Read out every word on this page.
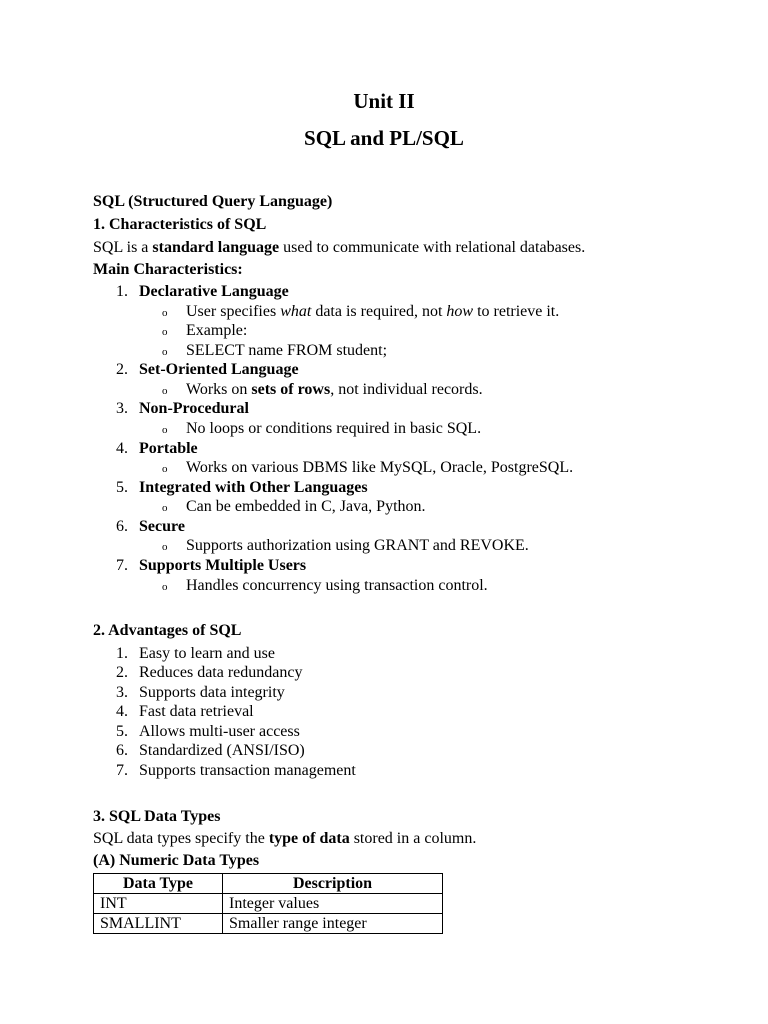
Unit II
SQL and PL/SQL
SQL (Structured Query Language)
1. Characteristics of SQL
SQL is a standard language used to communicate with relational databases.
Main Characteristics:
1. Declarative Language
o User specifies what data is required, not how to retrieve it.
o Example:
o SELECT name FROM student;
2. Set-Oriented Language
o Works on sets of rows, not individual records.
3. Non-Procedural
o No loops or conditions required in basic SQL.
4. Portable
o Works on various DBMS like MySQL, Oracle, PostgreSQL.
5. Integrated with Other Languages
o Can be embedded in C, Java, Python.
6. Secure
o Supports authorization using GRANT and REVOKE.
7. Supports Multiple Users
o Handles concurrency using transaction control.
2. Advantages of SQL
1. Easy to learn and use
2. Reduces data redundancy
3. Supports data integrity
4. Fast data retrieval
5. Allows multi-user access
6. Standardized (ANSI/ISO)
7. Supports transaction management
3. SQL Data Types
SQL data types specify the type of data stored in a column.
(A) Numeric Data Types
Data Type	Description
INT	Integer values
SMALLINT	Smaller range integer
